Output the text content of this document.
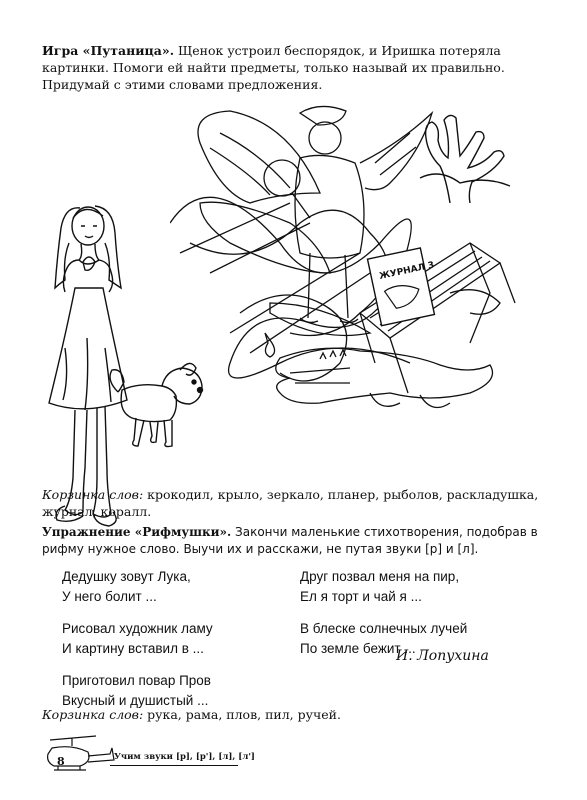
Игра «Путаница». Щенок устроил беспорядок, и Иришка потеряла картинки. Помоги ей найти предметы, только называй их правильно. Придумай с этими словами предложения.
ЖУРНАЛ 3
Корзинка слов: крокодил, крыло, зеркало, планер, рыболов, раскладушка, журнал, коралл.
Упражнение «Рифмушки». Закончи маленькие стихотворения, подобрав в рифму нужное слово. Выучи их и расскажи, не путая звуки [р] и [л].
Дедушку зовут Лука,
У него болит ...
Рисовал художник ламу
И картину вставил в ...
Приготовил повар Пров
Вкусный и душистый ...
Друг позвал меня на пир,
Ел я торт и чай я ...
В блеске солнечных лучей
По земле бежит ...
И. Лопухина
Корзинка слов: рука, рама, плов, пил, ручей.
8	Учим звуки [р], [р'], [л], [л']
